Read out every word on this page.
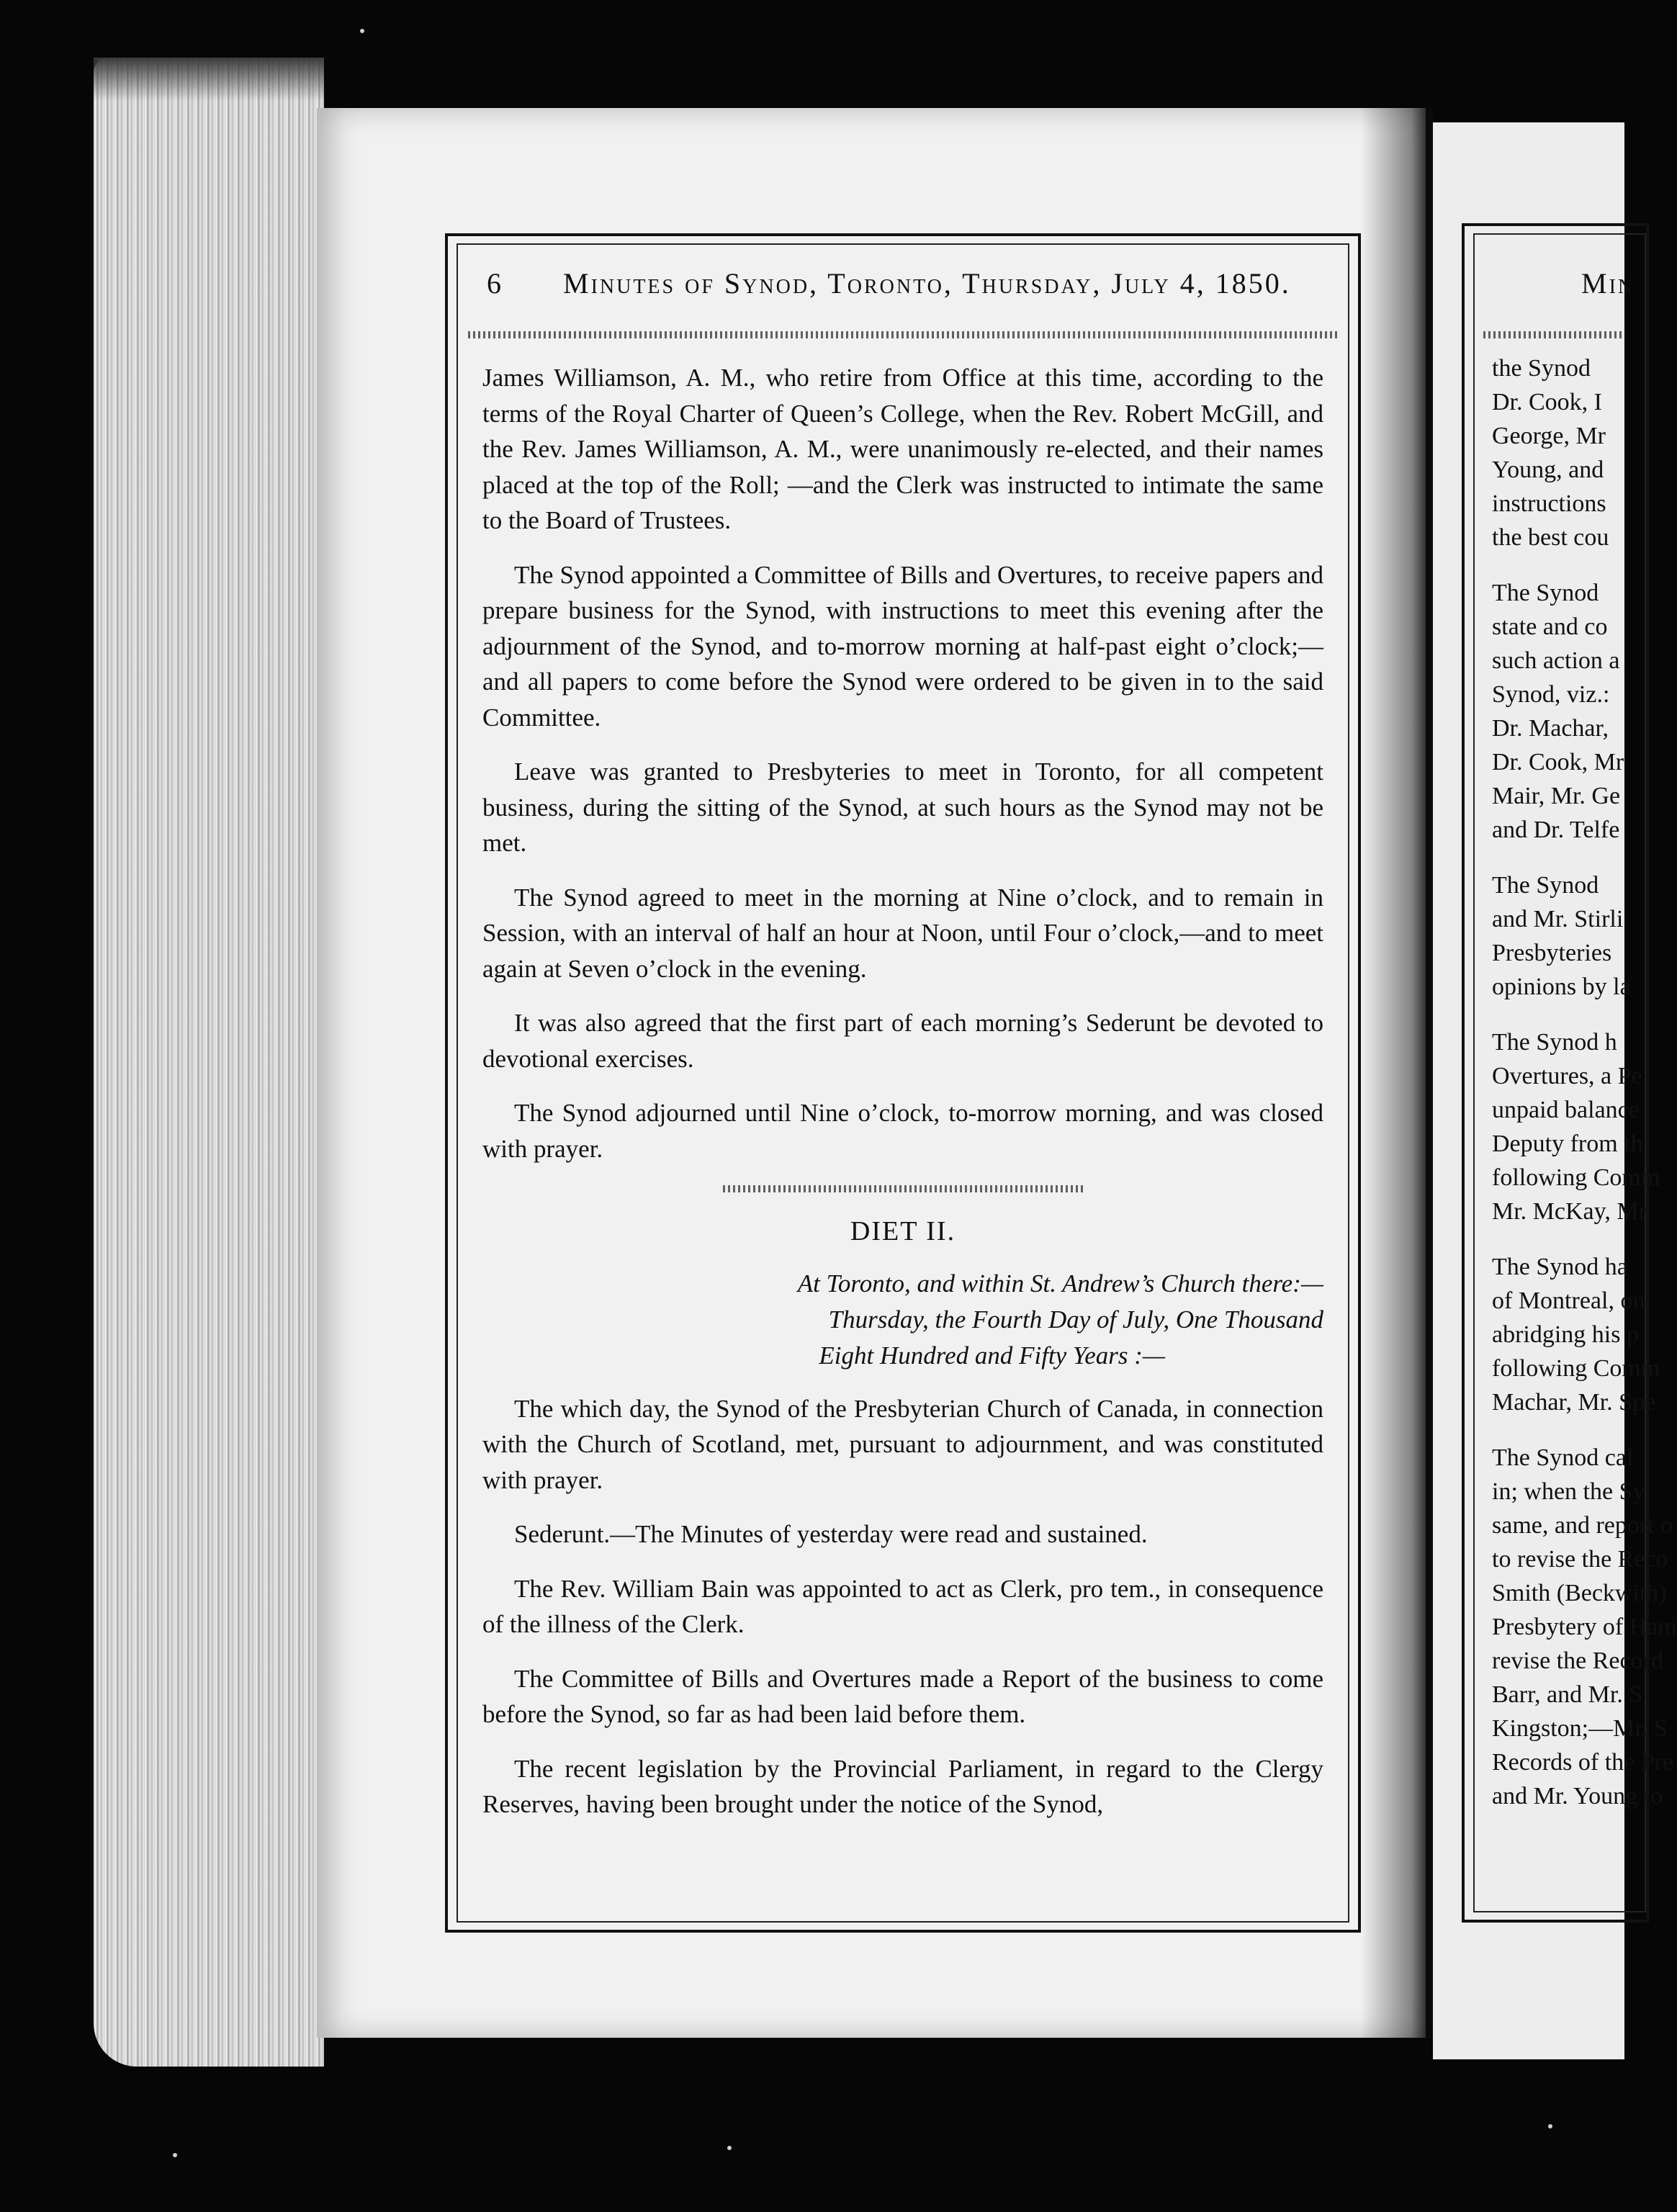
6 Minutes of Synod, Toronto, Thursday, July 4, 1850.

James Williamson, A. M., who retire from Office at this time, according to the terms of the Royal Charter of Queen’s College, when the Rev. Robert McGill, and the Rev. James Williamson, A. M., were unanimously re-elected, and their names placed at the top of the Roll; —and the Clerk was instructed to intimate the same to the Board of Trustees.

The Synod appointed a Committee of Bills and Overtures, to receive papers and prepare business for the Synod, with instructions to meet this evening after the adjournment of the Synod, and to-morrow morning at half-past eight o’clock;—and all papers to come before the Synod were ordered to be given in to the said Committee.

Leave was granted to Presbyteries to meet in Toronto, for all competent business, during the sitting of the Synod, at such hours as the Synod may not be met.

The Synod agreed to meet in the morning at Nine o’clock, and to remain in Session, with an interval of half an hour at Noon, until Four o’clock,—and to meet again at Seven o’clock in the evening.

It was also agreed that the first part of each morning’s Sederunt be devoted to devotional exercises.

The Synod adjourned until Nine o’clock, to-morrow morning, and was closed with prayer.

DIET II.
At Toronto, and within St. Andrew’s Church there:—
Thursday, the Fourth Day of July, One Thousand
Eight Hundred and Fifty Years :—

The which day, the Synod of the Presbyterian Church of Canada, in connection with the Church of Scotland, met, pursuant to adjournment, and was constituted with prayer.

Sederunt.—The Minutes of yesterday were read and sustained.

The Rev. William Bain was appointed to act as Clerk, pro tem., in consequence of the illness of the Clerk.

The Committee of Bills and Overtures made a Report of the business to come before the Synod, so far as had been laid before them.

The recent legislation by the Provincial Parliament, in regard to the Clergy Reserves, having been brought under the notice of the Synod,

Min
the Synod
Dr. Cook, I
George, Mr
Young, and
instructions
the best cou
The Synod
state and co
such action a
Synod, viz.:
Dr. Machar,
Dr. Cook, Mr
Mair, Mr. Ge
and Dr. Telfe
The Synod
and Mr. Stirli
Presbyteries
opinions by la
The Synod h
Overtures, a Pe
unpaid balance
Deputy from th
following Comm
Mr. McKay, Mr
The Synod ha
of Montreal, on
abridging his p
following Comm
Machar, Mr. Spe
The Synod cal
in; when the Sy
same, and report o
to revise the Reco
Smith (Beckwith)
Presbytery of Ham
revise the Record
Barr, and Mr. S
Kingston;—Mr. S
Records of the Pre
and Mr. Young to
